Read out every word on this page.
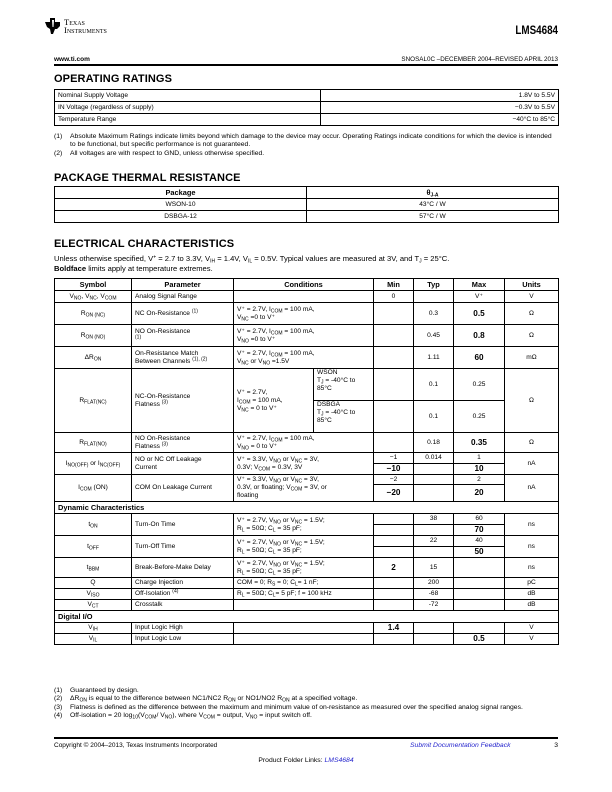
Texas
Instruments	LMS4684
www.ti.com	SNOSAL0C –DECEMBER 2004–REVISED APRIL 2013
OPERATING RATINGS
Nominal Supply Voltage	1.8V to 5.5V
IN Voltage (regardless of supply)	−0.3V to 5.5V
Temperature Range	−40°C to 85°C
(1)	Absolute Maximum Ratings indicate limits beyond which damage to the device may occur. Operating Ratings indicate conditions for which the device is intended to be functional, but specific performance is not guaranteed.
(2)	All voltages are with respect to GND, unless otherwise specified.
PACKAGE THERMAL RESISTANCE
Package	$\theta_{J-A}$
WSON-10	43°C / W
DSBGA-12	57°C / W
ELECTRICAL CHARACTERISTICS
Unless otherwise specified, V+ = 2.7 to 3.3V, $V_{IH} = 1.4V$, $V_{IL} = 0.5V$. Typical values are measured at 3V, and $T_J = 25^\circ C$.
Boldface limits apply at temperature extremes.
Symbol	Parameter	Conditions		Min	Typ	Max	Units
$V_{NO}$, $V_{NC}$, $V_{COM}$	Analog Signal Range			0		V⁺	V
$R_{ON (NC)}$	NC On-Resistance $^{(1)}$	V⁺ = 2.7V, $I_{COM} = 100$ mA,
$V_{NC} =0$ to V⁺			0.3	0.5	Ω
$R_{ON (NO)}$	NO On-Resistance
$^{(1)}$	V⁺ = 2.7V, $I_{COM} = 100$ mA,
$V_{NO} =0$ to V⁺			0.45	0.8	Ω
$\Delta R_{ON}$	On-Resistance Match
Between Channels $^{(1), (2)}$	V⁺ = 2.7V, $I_{COM} = 100$ mA,
$V_{NC}$ or $V_{NO} =1.5V$			1.11	60	mΩ
$R_{FLAT(NC)}$	NC-On-Resistance
Flatness $^{(3)}$	V⁺ = 2.7V,
$I_{COM} = 100$ mA,
$V_{NC} = 0$ to V⁺	WSON
$T_J = -40^\circ C$ to
85°C		0.1	0.25	Ω
			DSBGA
$T_J = -40^\circ C$ to
85°C		0.1	0.25	
$R_{FLAT(NO)}$	NO On-Resistance
Flatness $^{(3)}$	V⁺ = 2.7V, $I_{COM} = 100$ mA,
$V_{NO} = 0$ to V⁺			0.18	0.35	Ω
$I_{NO(OFF)}$ or $I_{NC(OFF)}$	NO or NC Off Leakage
Current	V⁺ = 3.3V, $V_{NO}$ or $V_{NC} = 3V$,
0.3V; $V_{COM} = 0.3V$, 3V		−1	0.014	1	nA
				−10		10	
$I_{COM}$ (ON)	COM On Leakage Current	V⁺ = 3.3V, $V_{NO}$ or $V_{NC} = 3V$,
0.3V, or floating; $V_{COM} = 3V$, or
floating		−2		2	nA
				−20		20	
Dynamic Characteristics							
$t_{ON}$	Turn-On Time	V⁺ = 2.7V, $V_{NO}$ or $V_{NC} = 1.5V$;
$R_L = 50\Omega$; $C_L = 35$ pF;			38	60	ns
						70	
$t_{OFF}$	Turn-Off Time	V⁺ = 2.7V, $V_{NO}$ or $V_{NC} = 1.5V$;
$R_L = 50\Omega$; $C_L = 35$ pF;			22	40	ns
						50	
$t_{BBM}$	Break-Before-Make Delay	V⁺ = 2.7V, $V_{NO}$ or $V_{NC} = 1.5V$;
$R_L = 50\Omega$; $C_L = 35$ pF;		2	15		ns
Q	Charge Injection	COM = 0; $R_S = 0$; $C_L= 1$ nF;			200		pC
$V_{ISO}$	Off-Isolation $^{(4)}$	$R_L = 50\Omega$; $C_L= 5$ pF; f = 100 kHz			-68		dB
$V_{CT}$	Crosstalk				-72		dB
Digital I/O							
$V_{IH}$	Input Logic High			1.4			V
$V_{IL}$	Input Logic Low					0.5	V
(1)	Guaranteed by design.
(2)	$\Delta R_{ON}$ is equal to the difference between NC1/NC2 $R_{ON}$ or NO1/NO2 $R_{ON}$ at a specified voltage.
(3)	Flatness is defined as the difference between the maximum and minimum value of on-resistance as measured over the specified analog signal ranges.
(4)	Off-isolation = 20 $\log_{10}(V_{COM}/$ $V_{NO}$), where $V_{COM}$ = output, $V_{NO}$ = input switch off.
Copyright © 2004–2013, Texas Instruments Incorporated	Submit Documentation Feedback	3
Product Folder Links: LMS4684
